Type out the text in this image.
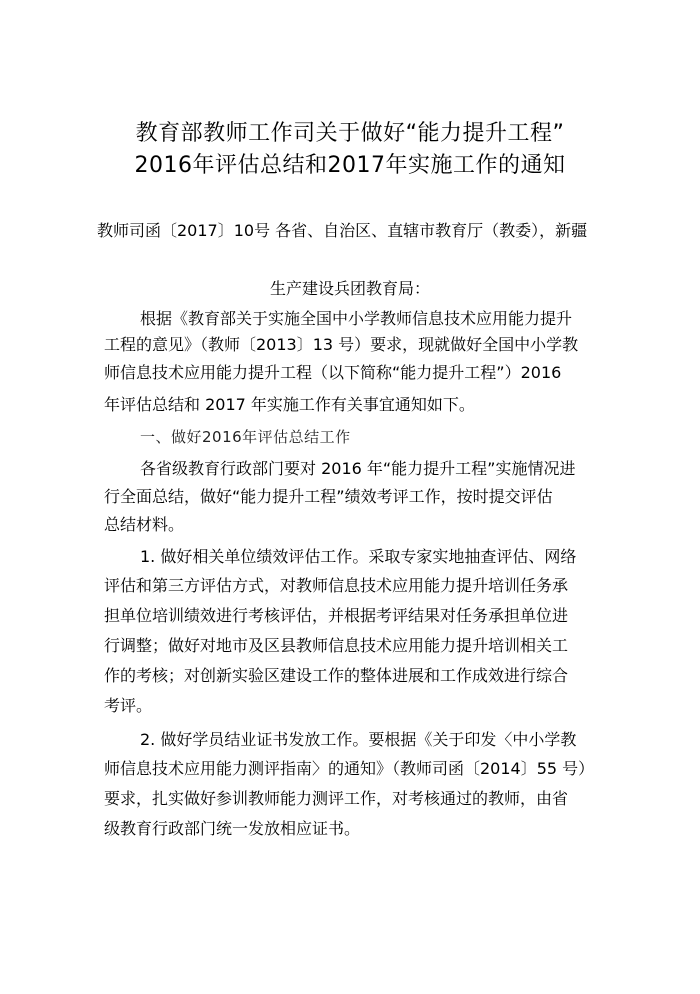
教育部教师工作司关于做好“能力提升工程”
2016年评估总结和2017年实施工作的通知

教师司函〔2017〕10号 各省、自治区、直辖市教育厅（教委），新疆

生产建设兵团教育局：

根据《教育部关于实施全国中小学教师信息技术应用能力提升

工程的意见》（教师〔2013〕13 号）要求，现就做好全国中小学教

师信息技术应用能力提升工程（以下简称“能力提升工程”）2016

年评估总结和 2017 年实施工作有关事宜通知如下。

一、做好2016年评估总结工作

各省级教育行政部门要对 2016 年“能力提升工程”实施情况进

行全面总结，做好“能力提升工程”绩效考评工作，按时提交评估

总结材料。

1. 做好相关单位绩效评估工作。采取专家实地抽查评估、网络

评估和第三方评估方式，对教师信息技术应用能力提升培训任务承

担单位培训绩效进行考核评估，并根据考评结果对任务承担单位进

行调整；做好对地市及区县教师信息技术应用能力提升培训相关工

作的考核；对创新实验区建设工作的整体进展和工作成效进行综合

考评。

2. 做好学员结业证书发放工作。要根据《关于印发〈中小学教

师信息技术应用能力测评指南〉的通知》（教师司函〔2014〕55 号）

要求，扎实做好参训教师能力测评工作，对考核通过的教师，由省

级教育行政部门统一发放相应证书。
